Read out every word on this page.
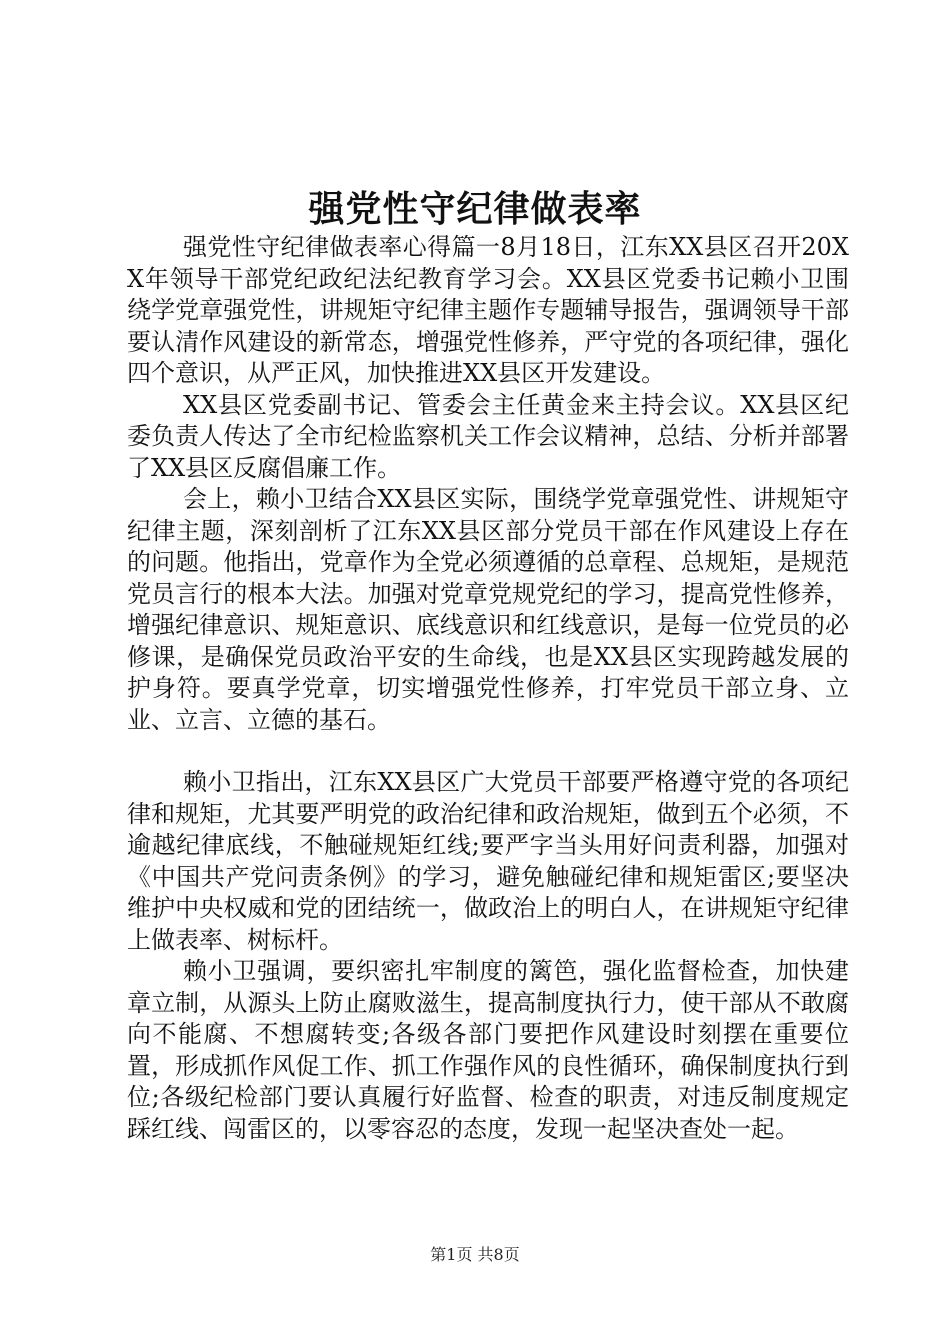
强党性守纪律做表率

强党性守纪律做表率心得篇一8月18日，江东XX县区召开20XX年领导干部党纪政纪法纪教育学习会。XX县区党委书记赖小卫围绕学党章强党性，讲规矩守纪律主题作专题辅导报告，强调领导干部要认清作风建设的新常态，增强党性修养，严守党的各项纪律，强化四个意识，从严正风，加快推进XX县区开发建设。

XX县区党委副书记、管委会主任黄金来主持会议。XX县区纪委负责人传达了全市纪检监察机关工作会议精神，总结、分析并部署了XX县区反腐倡廉工作。

会上，赖小卫结合XX县区实际，围绕学党章强党性、讲规矩守纪律主题，深刻剖析了江东XX县区部分党员干部在作风建设上存在的问题。他指出，党章作为全党必须遵循的总章程、总规矩，是规范党员言行的根本大法。加强对党章党规党纪的学习，提高党性修养，增强纪律意识、规矩意识、底线意识和红线意识，是每一位党员的必修课，是确保党员政治平安的生命线，也是XX县区实现跨越发展的护身符。要真学党章，切实增强党性修养，打牢党员干部立身、立业、立言、立德的基石。

赖小卫指出，江东XX县区广大党员干部要严格遵守党的各项纪律和规矩，尤其要严明党的政治纪律和政治规矩，做到五个必须，不逾越纪律底线，不触碰规矩红线;要严字当头用好问责利器，加强对《中国共产党问责条例》的学习，避免触碰纪律和规矩雷区;要坚决维护中央权威和党的团结统一，做政治上的明白人，在讲规矩守纪律上做表率、树标杆。

赖小卫强调，要织密扎牢制度的篱笆，强化监督检查，加快建章立制，从源头上防止腐败滋生，提高制度执行力，使干部从不敢腐向不能腐、不想腐转变;各级各部门要把作风建设时刻摆在重要位置，形成抓作风促工作、抓工作强作风的良性循环，确保制度执行到位;各级纪检部门要认真履行好监督、检查的职责，对违反制度规定踩红线、闯雷区的，以零容忍的态度，发现一起坚决查处一起。

第1页 共8页
